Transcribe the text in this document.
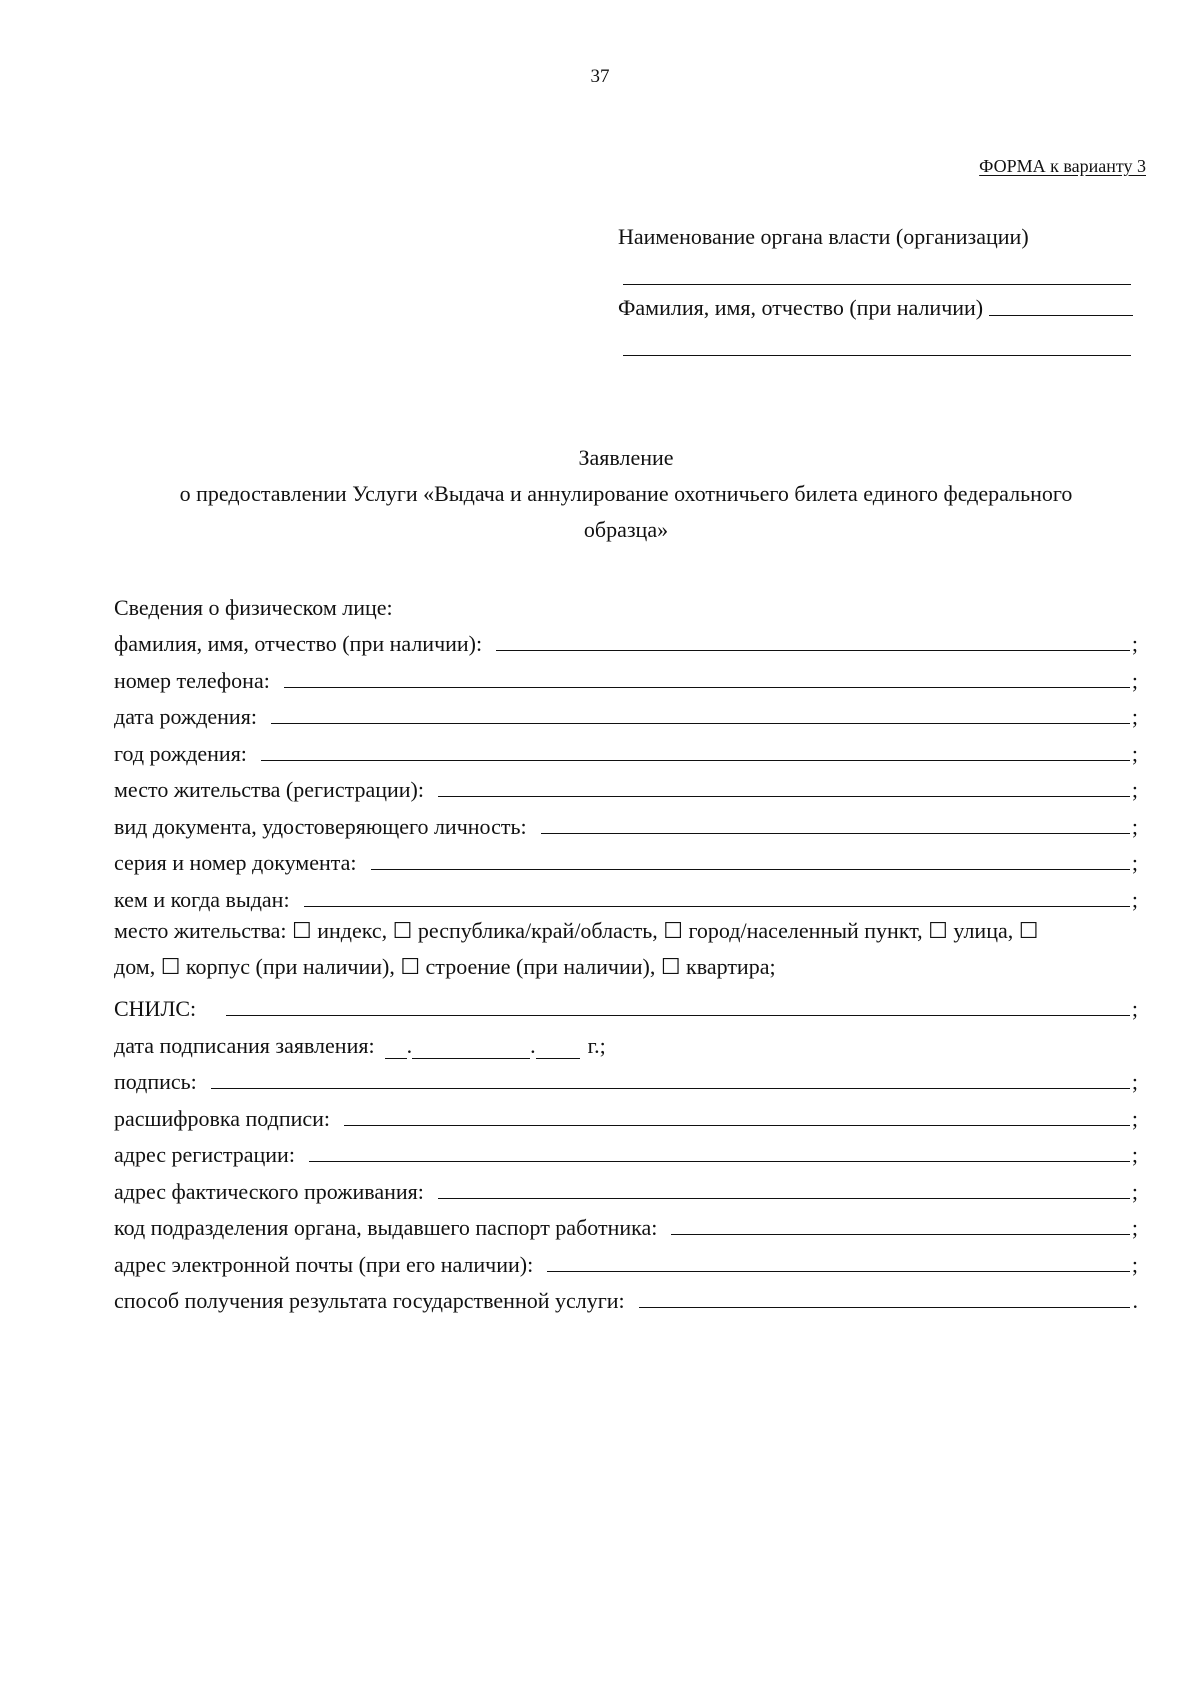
37
ФОРМА к варианту 3
Наименование органа власти (организации)
Фамилия, имя, отчество (при наличии)
Заявление
о предоставлении Услуги «Выдача и аннулирование охотничьего билета единого федерального
образца»
Сведения о физическом лице:
фамилия, имя, отчество (при наличии):	;
номер телефона:	;
дата рождения:	;
год рождения:	;
место жительства (регистрации):	;
вид документа, удостоверяющего личность:	;
серия и номер документа:	;
кем и когда выдан:	;
место жительства: ☐ индекс, ☐ республика/край/область, ☐ город/населенный пункт, ☐ улица, ☐
дом, ☐ корпус (при наличии), ☐ строение (при наличии), ☐ квартира;
СНИЛС:	;
дата подписания заявления: .	. г.;
подпись:	;
расшифровка подписи:	;
адрес регистрации:	;
адрес фактического проживания:	;
код подразделения органа, выдавшего паспорт работника:	;
адрес электронной почты (при его наличии):	;
способ получения результата государственной услуги:	.
